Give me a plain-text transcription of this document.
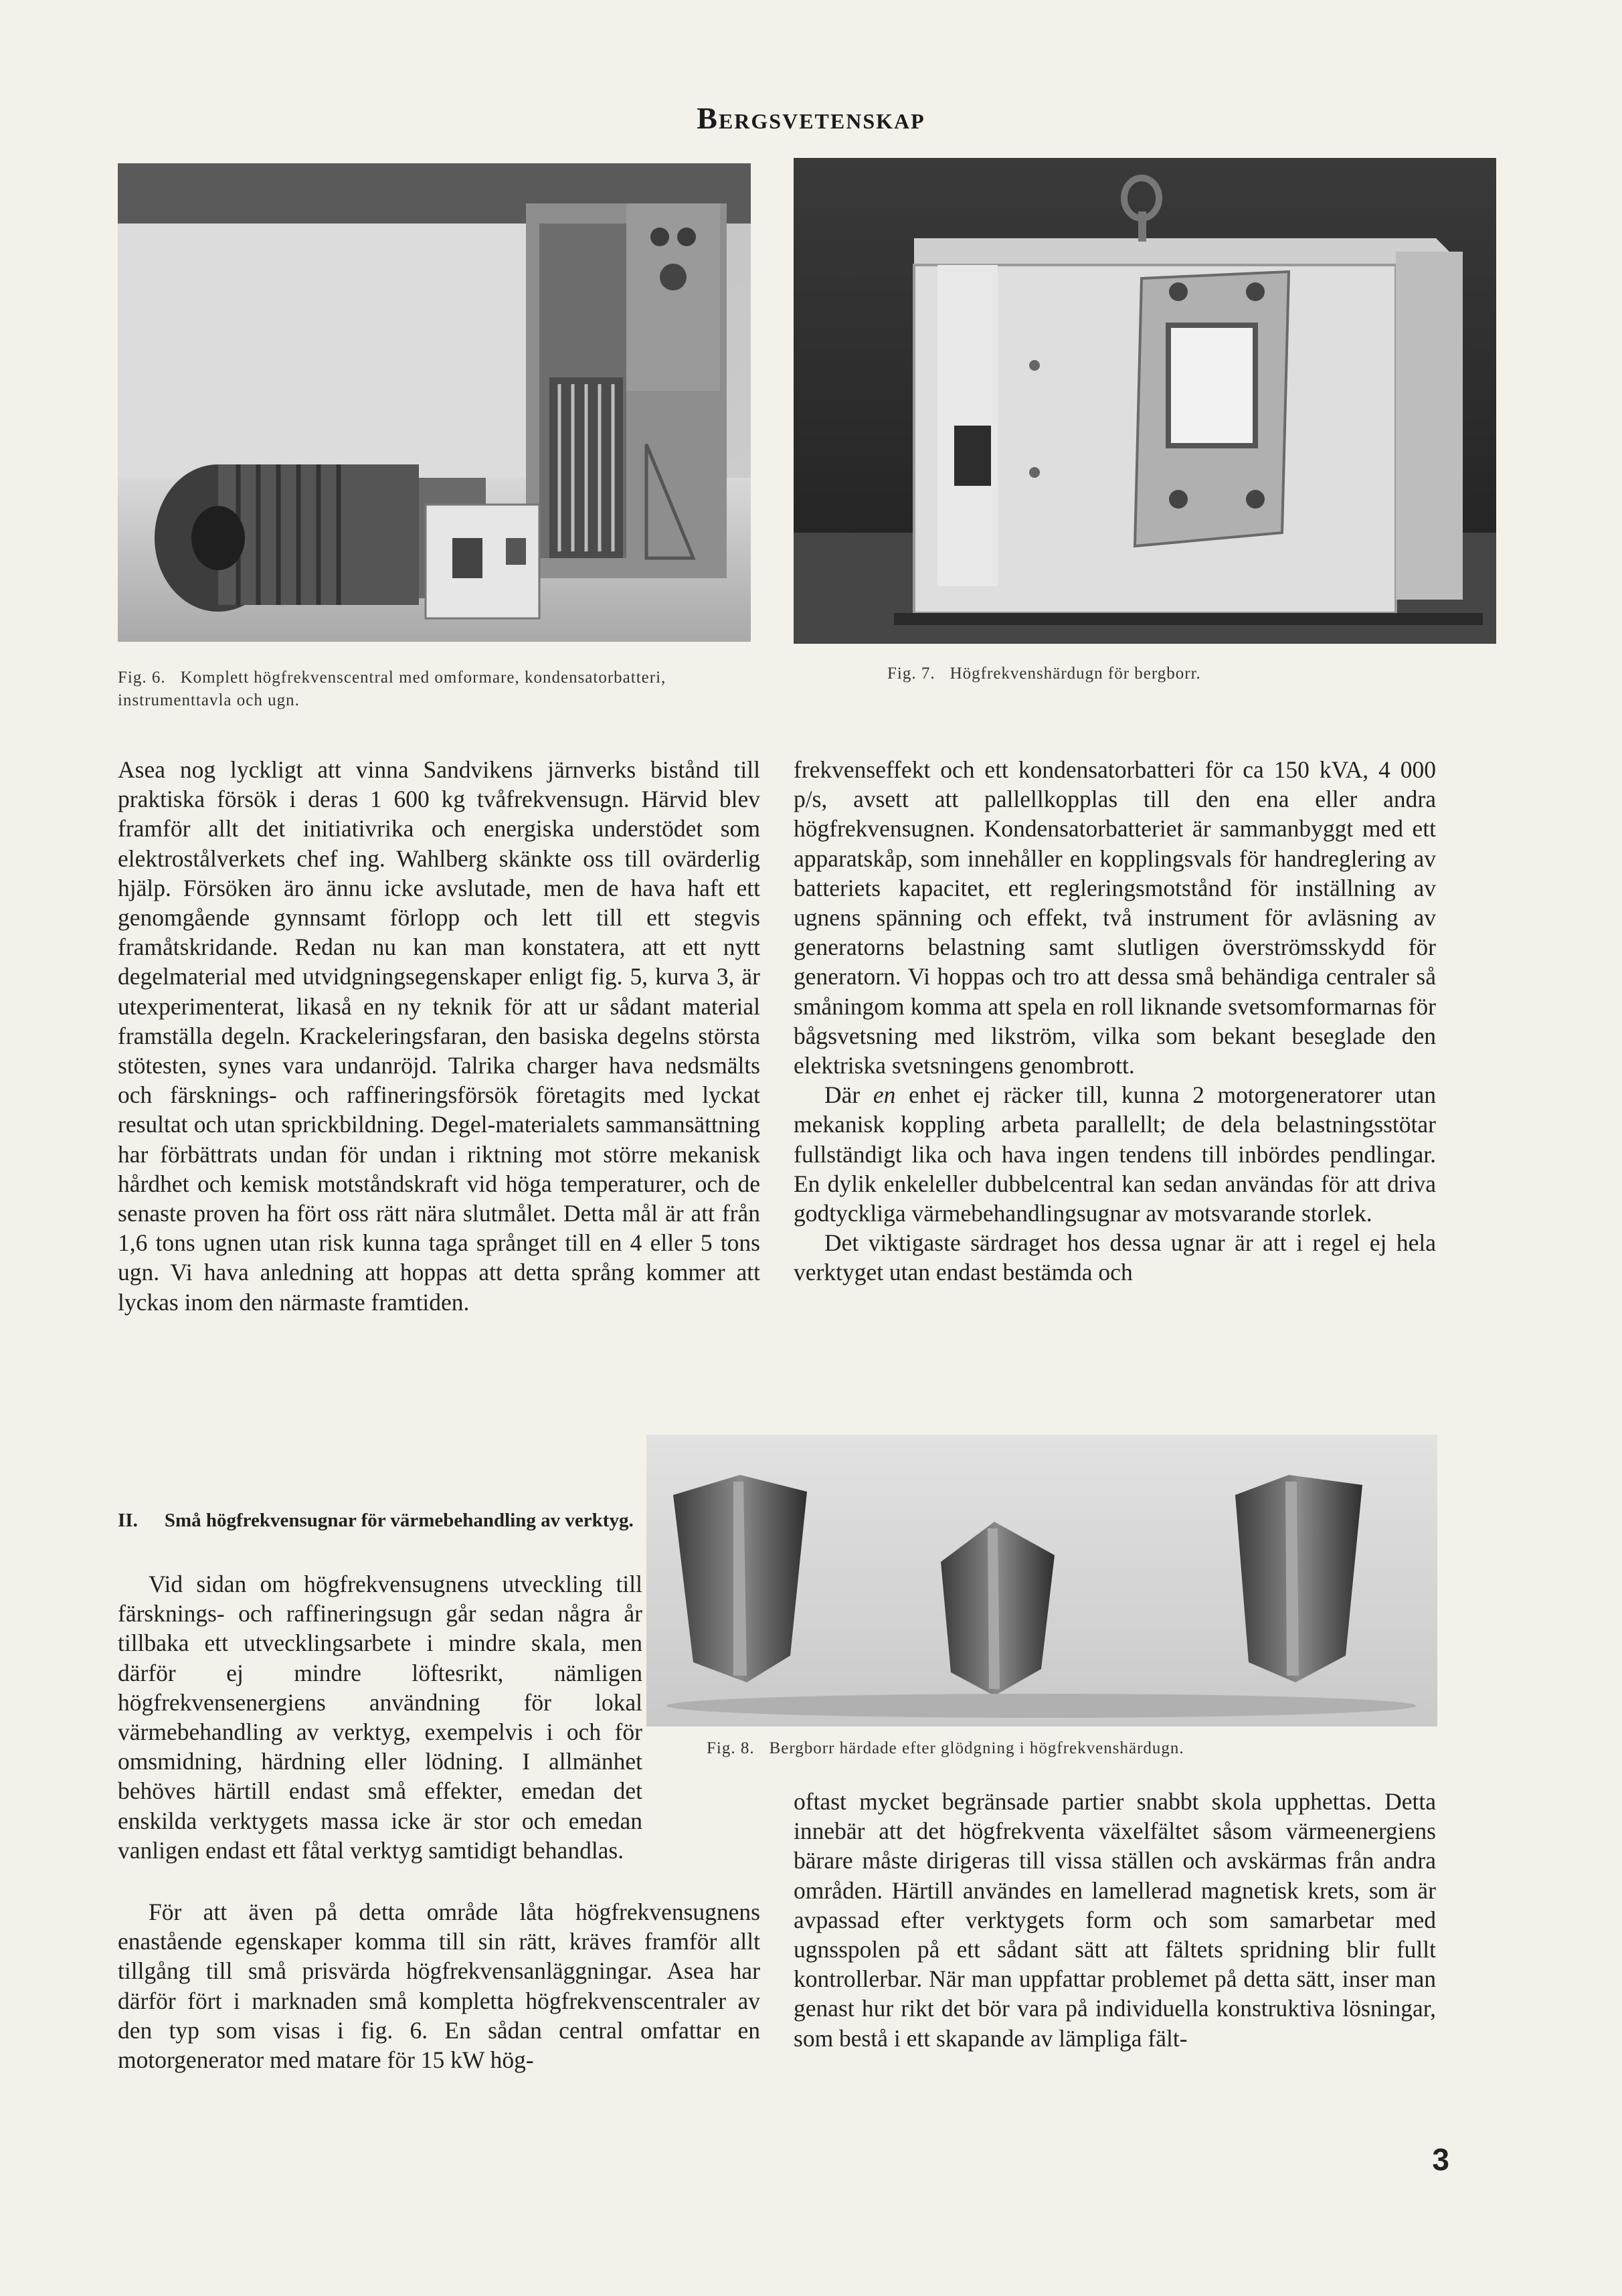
Bergsvetenskap
Fig. 6. Komplett högfrekvenscentral med omformare, kondensatorbatteri, instrumenttavla och ugn.
Fig. 7. Högfrekvenshärdugn för bergborr.

Asea nog lyckligt att vinna Sandvikens järnverks bistånd till praktiska försök i deras 1 600 kg tvåfrekvensugn. Härvid blev framför allt det initiativrika och energiska understödet som elektrostålverkets chef ing. Wahlberg skänkte oss till ovärderlig hjälp. Försöken äro ännu icke avslutade, men de hava haft ett genomgående gynnsamt förlopp och lett till ett stegvis framåtskridande. Redan nu kan man konstatera, att ett nytt degelmaterial med utvidgningsegenskaper enligt fig. 5, kurva 3, är utexperimenterat, likaså en ny teknik för att ur sådant material framställa degeln. Krackeleringsfaran, den basiska degelns största stötesten, synes vara undanröjd. Talrika charger hava nedsmälts och färsknings- och raffineringsförsök företagits med lyckat resultat och utan sprickbildning. Degel-materialets sammansättning har förbättrats undan för undan i riktning mot större mekanisk hårdhet och kemisk motståndskraft vid höga temperaturer, och de senaste proven ha fört oss rätt nära slutmålet. Detta mål är att från 1,6 tons ugnen utan risk kunna taga språnget till en 4 eller 5 tons ugn. Vi hava anledning att hoppas att detta språng kommer att lyckas inom den närmaste framtiden.

II. Små högfrekvensugnar för värmebehandling av verktyg.

Vid sidan om högfrekvensugnens utveckling till färsknings- och raffineringsugn går sedan några år tillbaka ett utvecklingsarbete i mindre skala, men därför ej mindre löftesrikt, nämligen högfrekvensenergiens användning för lokal värmebehandling av verktyg, exempelvis i och för omsmidning, härdning eller lödning. I allmänhet behöves härtill endast små effekter, emedan det enskilda verktygets massa icke är stor och emedan vanligen endast ett fåtal verktyg samtidigt behandlas.

För att även på detta område låta högfrekvensugnens enastående egenskaper komma till sin rätt, kräves framför allt tillgång till små prisvärda högfrekvensanläggningar. Asea har därför fört i marknaden små kompletta högfrekvenscentraler av den typ som visas i fig. 6. En sådan central omfattar en motorgenerator med matare för 15 kW hög-

frekvenseffekt och ett kondensatorbatteri för ca 150 kVA, 4 000 p/s, avsett att pallellkopplas till den ena eller andra högfrekvensugnen. Kondensatorbatteriet är sammanbyggt med ett apparatskåp, som innehåller en kopplingsvals för handreglering av batteriets kapacitet, ett regleringsmotstånd för inställning av ugnens spänning och effekt, två instrument för avläsning av generatorns belastning samt slutligen överströmsskydd för generatorn. Vi hoppas och tro att dessa små behändiga centraler så småningom komma att spela en roll liknande svetsomformarnas för bågsvetsning med likström, vilka som bekant beseglade den elektriska svetsningens genombrott.

Där en enhet ej räcker till, kunna 2 motorgeneratorer utan mekanisk koppling arbeta parallellt; de dela belastningsstötar fullständigt lika och hava ingen tendens till inbördes pendlingar. En dylik enkeleller dubbelcentral kan sedan användas för att driva godtyckliga värmebehandlingsugnar av motsvarande storlek.

Det viktigaste särdraget hos dessa ugnar är att i regel ej hela verktyget utan endast bestämda och

Fig. 8. Bergborr härdade efter glödgning i högfrekvenshärdugn.

oftast mycket begränsade partier snabbt skola upphettas. Detta innebär att det högfrekventa växelfältet såsom värmeenergiens bärare måste dirigeras till vissa ställen och avskärmas från andra områden. Härtill användes en lamellerad magnetisk krets, som är avpassad efter verktygets form och som samarbetar med ugnsspolen på ett sådant sätt att fältets spridning blir fullt kontrollerbar. När man uppfattar problemet på detta sätt, inser man genast hur rikt det bör vara på individuella konstruktiva lösningar, som bestå i ett skapande av lämpliga fält-

3
